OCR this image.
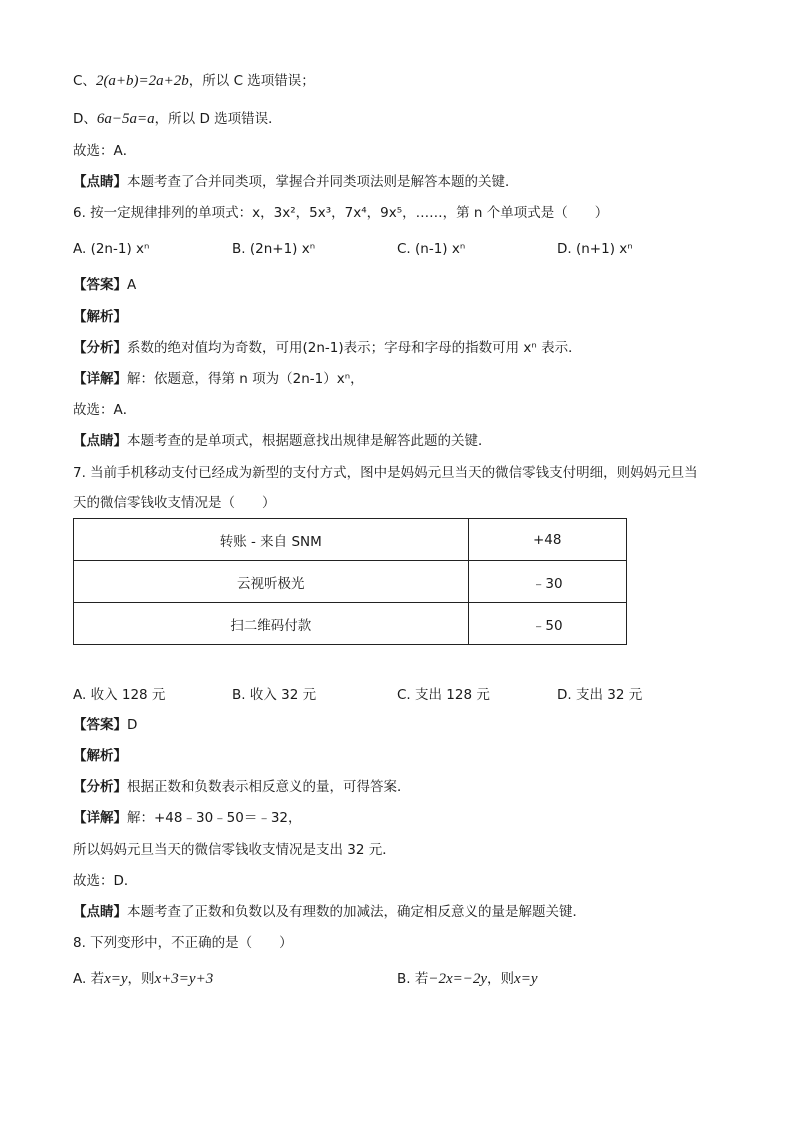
C、2(a+b)=2a+2b，所以 C 选项错误；
D、6a−5a=a，所以 D 选项错误．
故选：A．
【点睛】本题考查了合并同类项，掌握合并同类项法则是解答本题的关键．
6. 按一定规律排列的单项式：x，3x²，5x³，7x⁴，9x⁵，……，第 n 个单项式是（　　）
A. (2n-1) xⁿ	B. (2n+1) xⁿ	C. (n-1) xⁿ	D. (n+1) xⁿ
【答案】A
【解析】
【分析】系数的绝对值均为奇数，可用(2n-1)表示；字母和字母的指数可用 xⁿ 表示．
【详解】解：依题意，得第 n 项为（2n-1）xⁿ，
故选：A．
【点睛】本题考查的是单项式，根据题意找出规律是解答此题的关键．
7. 当前手机移动支付已经成为新型的支付方式，图中是妈妈元旦当天的微信零钱支付明细，则妈妈元旦当
天的微信零钱收支情况是（　　）
转账 - 来自 SNM	+48
云视听极光	﹣30
扫二维码付款	﹣50
A. 收入 128 元	B. 收入 32 元	C. 支出 128 元	D. 支出 32 元
【答案】D
【解析】
【分析】根据正数和负数表示相反意义的量，可得答案．
【详解】解：+48﹣30﹣50＝﹣32，
所以妈妈元旦当天的微信零钱收支情况是支出 32 元．
故选：D．
【点睛】本题考查了正数和负数以及有理数的加减法，确定相反意义的量是解题关键．
8. 下列变形中，不正确的是（　　）
A. 若x=y，则x+3=y+3	B. 若−2x=−2y，则x=y
